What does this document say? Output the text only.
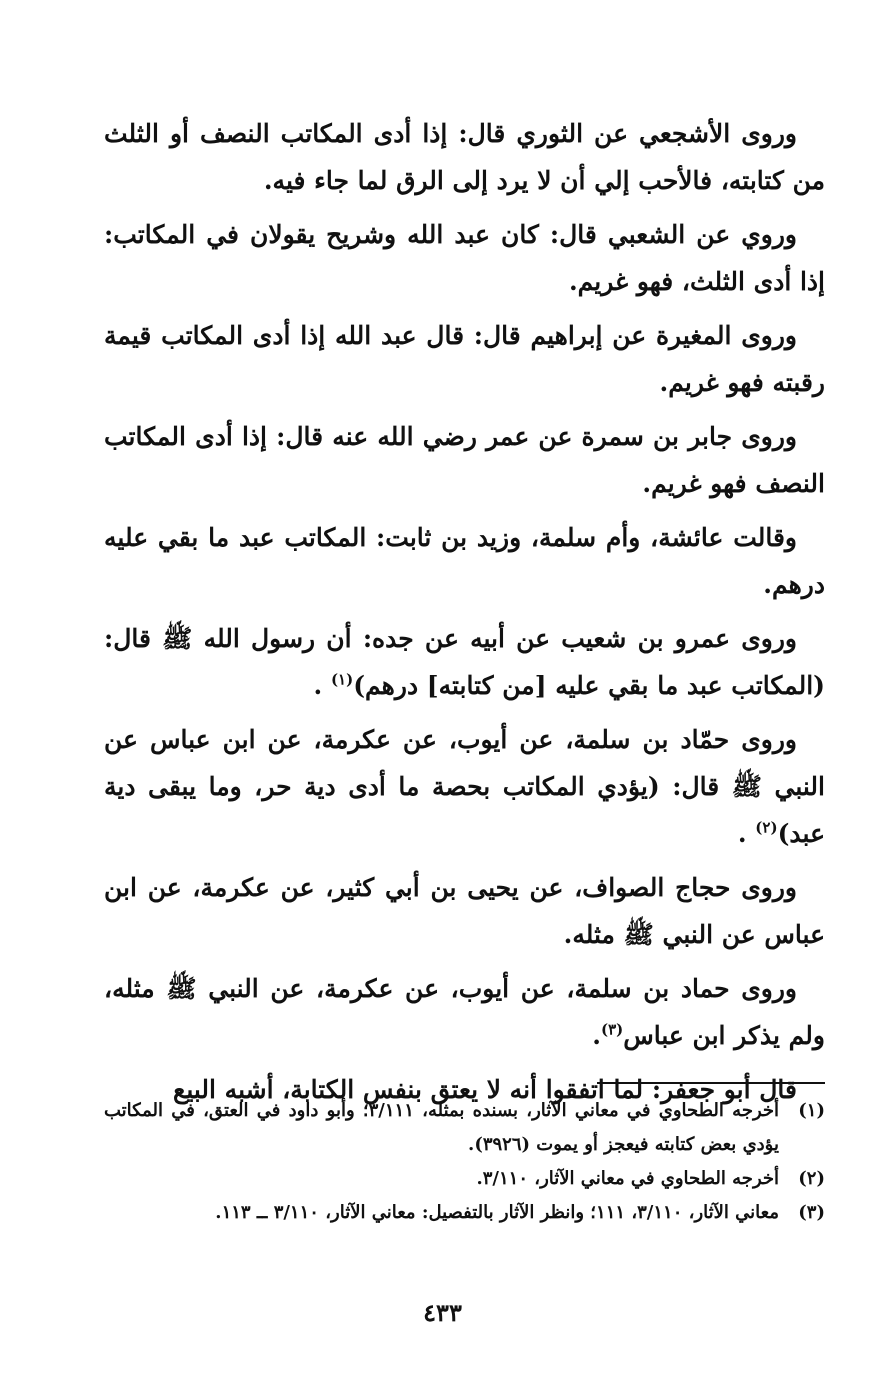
وروى الأشجعي عن الثوري قال: إذا أدى المكاتب النصف أو الثلث من كتابته، فالأحب إلي أن لا يرد إلى الرق لما جاء فيه.

وروي عن الشعبي قال: كان عبد الله وشريح يقولان في المكاتب: إذا أدى الثلث، فهو غريم.

وروى المغيرة عن إبراهيم قال: قال عبد الله إذا أدى المكاتب قيمة رقبته فهو غريم.

وروى جابر بن سمرة عن عمر رضي الله عنه قال: إذا أدى المكاتب النصف فهو غريم.

وقالت عائشة، وأم سلمة، وزيد بن ثابت: المكاتب عبد ما بقي عليه درهم.

وروى عمرو بن شعيب عن أبيه عن جده: أن رسول الله ﷺ قال: (المكاتب عبد ما بقي عليه [من كتابته] درهم)$^{(١)}$ .

وروى حمّاد بن سلمة، عن أيوب، عن عكرمة، عن ابن عباس عن النبي ﷺ قال: (يؤدي المكاتب بحصة ما أدى دية حر، وما يبقى دية عبد)$^{(٢)}$ .

وروى حجاج الصواف، عن يحيى بن أبي كثير، عن عكرمة، عن ابن عباس عن النبي ﷺ مثله.

وروى حماد بن سلمة، عن أيوب، عن عكرمة، عن النبي ﷺ مثله، ولم يذكر ابن عباس$^{(٣)}$.

قال أبو جعفر: لما اتفقوا أنه لا يعتق بنفس الكتابة، أشبه البيع

(١)
أخرجه الطحاوي في معاني الآثار، بسنده بمثله، ٣/١١١؛ وأبو داود في العتق، في المكاتب يؤدي بعض كتابته فيعجز أو يموت (٣٩٢٦).
(٢)
أخرجه الطحاوي في معاني الآثار، ٣/١١٠.
(٣)
معاني الآثار، ٣/١١٠، ١١١؛ وانظر الآثار بالتفصيل: معاني الآثار، ٣/١١٠ ــ ١١٣.
٤٣٣
